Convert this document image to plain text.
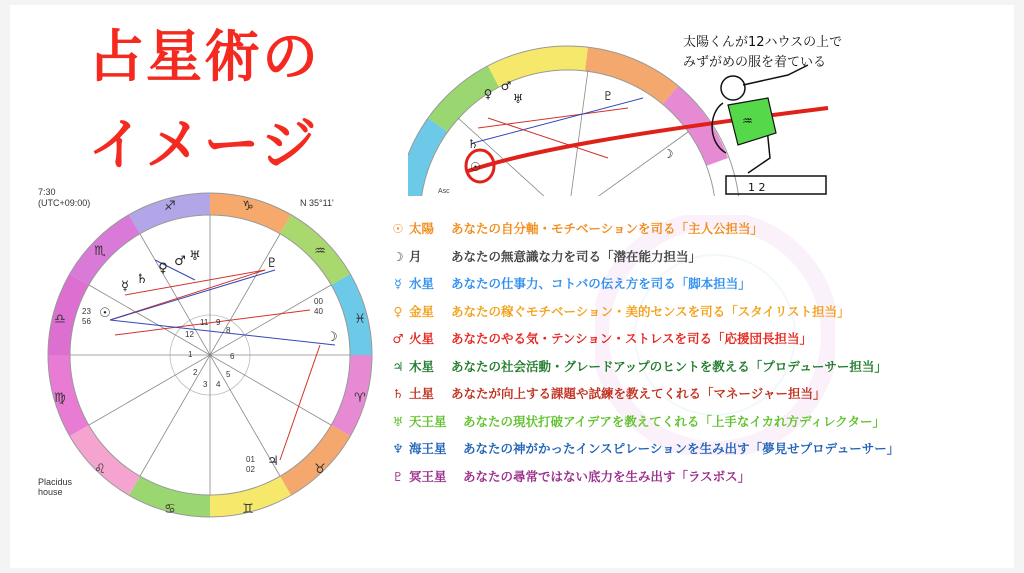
占星術の
イメージ
7:30
(UTC+09:00)	N 35°11'
Placidus
house
♑
♒
♓
♈
♉
♊
♋
♌
♍
♎
♏
♐
☉
☿ ♄
♀ ♂ ♅	♇
☽
♃
23
56
00
40
01
02
12
1
2
3 4
5
6
8
9
11
♀
♂
♅	♇
☽
♄
☉
Asc
♒
1 2
太陽くんが12ハウスの上で
みずがめの服を着ている
☉ 太陽 あなたの自分軸・モチベーションを司る「主人公担当」
☽ 月 あなたの無意識な力を司る「潜在能力担当」
☿ 水星 あなたの仕事力、コトバの伝え方を司る「脚本担当」
♀ 金星 あなたの稼ぐモチベーション・美的センスを司る「スタイリスト担当」
♂ 火星 あなたのやる気・テンション・ストレスを司る「応援団長担当」
♃ 木星 あなたの社会活動・グレードアップのヒントを教える「プロデューサー担当」
♄ 土星 あなたが向上する課題や試練を教えてくれる「マネージャー担当」
♅ 天王星 あなたの現状打破アイデアを教えてくれる「上手なイカれ方ディレクター」
♆ 海王星 あなたの神がかったインスピレーションを生み出す「夢見せプロデューサー」
♇ 冥王星 あなたの尋常ではない底力を生み出す「ラスボス」
